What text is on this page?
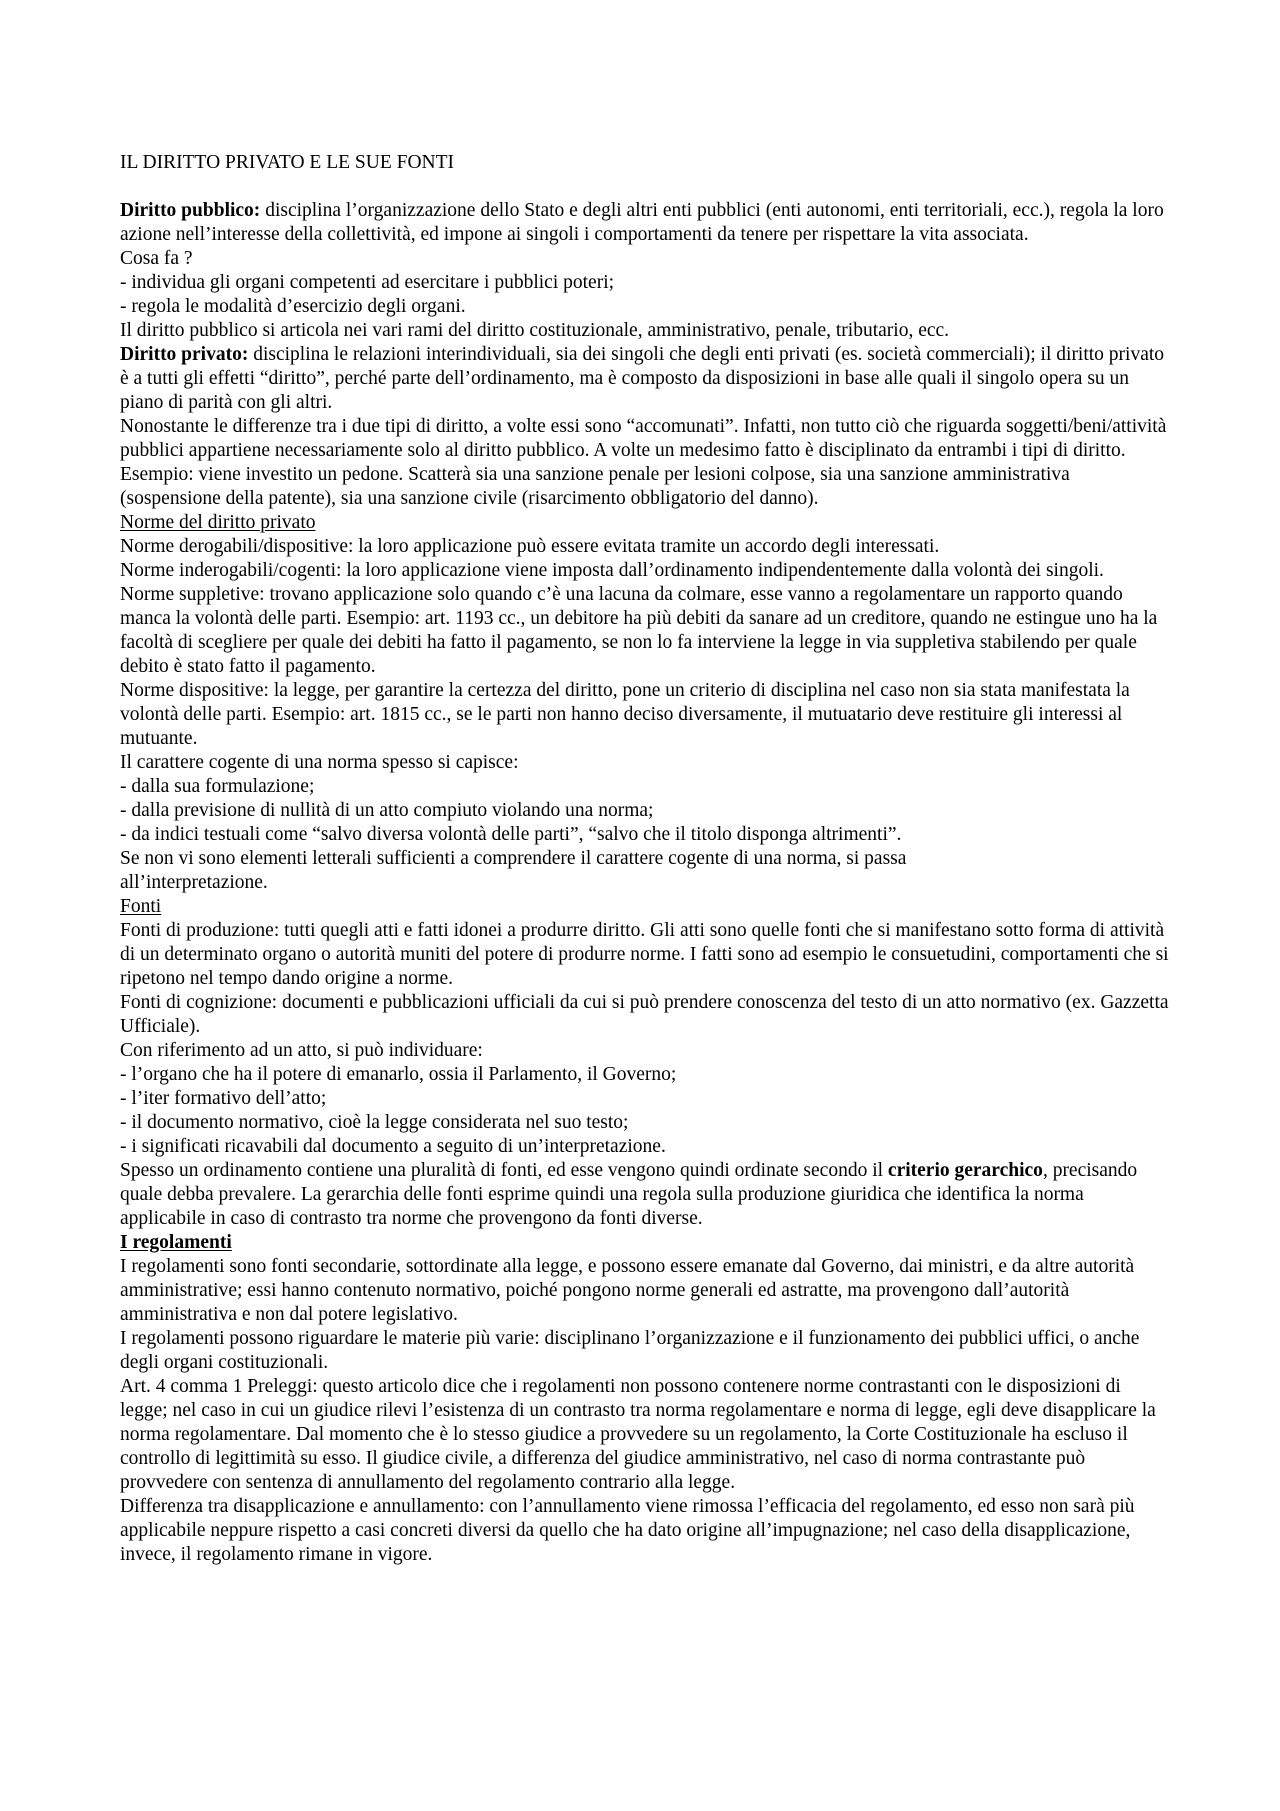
IL DIRITTO PRIVATO E LE SUE FONTI

Diritto pubblico: disciplina l’organizzazione dello Stato e degli altri enti pubblici (enti autonomi, enti territoriali, ecc.), regola la loro azione nell’interesse della collettività, ed impone ai singoli i comportamenti da tenere per rispettare la vita associata.

Cosa fa ?

- individua gli organi competenti ad esercitare i pubblici poteri;

- regola le modalità d’esercizio degli organi.

Il diritto pubblico si articola nei vari rami del diritto costituzionale, amministrativo, penale, tributario, ecc.

Diritto privato: disciplina le relazioni interindividuali, sia dei singoli che degli enti privati (es. società commerciali); il diritto privato è a tutti gli effetti “diritto”, perché parte dell’ordinamento, ma è composto da disposizioni in base alle quali il singolo opera su un piano di parità con gli altri.

Nonostante le differenze tra i due tipi di diritto, a volte essi sono “accomunati”. Infatti, non tutto ciò che riguarda soggetti/beni/attività pubblici appartiene necessariamente solo al diritto pubblico. A volte un medesimo fatto è disciplinato da entrambi i tipi di diritto.

Esempio: viene investito un pedone. Scatterà sia una sanzione penale per lesioni colpose, sia una sanzione amministrativa (sospensione della patente), sia una sanzione civile (risarcimento obbligatorio del danno).

Norme del diritto privato

Norme derogabili/dispositive: la loro applicazione può essere evitata tramite un accordo degli interessati.

Norme inderogabili/cogenti: la loro applicazione viene imposta dall’ordinamento indipendentemente dalla volontà dei singoli.

Norme suppletive: trovano applicazione solo quando c’è una lacuna da colmare, esse vanno a regolamentare un rapporto quando manca la volontà delle parti. Esempio: art. 1193 cc., un debitore ha più debiti da sanare ad un creditore, quando ne estingue uno ha la facoltà di scegliere per quale dei debiti ha fatto il pagamento, se non lo fa interviene la legge in via suppletiva stabilendo per quale debito è stato fatto il pagamento.

Norme dispositive: la legge, per garantire la certezza del diritto, pone un criterio di disciplina nel caso non sia stata manifestata la volontà delle parti. Esempio: art. 1815 cc., se le parti non hanno deciso diversamente, il mutuatario deve restituire gli interessi al mutuante.

Il carattere cogente di una norma spesso si capisce:

- dalla sua formulazione;

- dalla previsione di nullità di un atto compiuto violando una norma;

- da indici testuali come “salvo diversa volontà delle parti”, “salvo che il titolo disponga altrimenti”.

Se non vi sono elementi letterali sufficienti a comprendere il carattere cogente di una norma, si passa

all’interpretazione.

Fonti

Fonti di produzione: tutti quegli atti e fatti idonei a produrre diritto. Gli atti sono quelle fonti che si manifestano sotto forma di attività di un determinato organo o autorità muniti del potere di produrre norme. I fatti sono ad esempio le consuetudini, comportamenti che si ripetono nel tempo dando origine a norme.

Fonti di cognizione: documenti e pubblicazioni ufficiali da cui si può prendere conoscenza del testo di un atto normativo (ex. Gazzetta Ufficiale).

Con riferimento ad un atto, si può individuare:

- l’organo che ha il potere di emanarlo, ossia il Parlamento, il Governo;

- l’iter formativo dell’atto;

- il documento normativo, cioè la legge considerata nel suo testo;

- i significati ricavabili dal documento a seguito di un’interpretazione.

Spesso un ordinamento contiene una pluralità di fonti, ed esse vengono quindi ordinate secondo il criterio gerarchico, precisando quale debba prevalere. La gerarchia delle fonti esprime quindi una regola sulla produzione giuridica che identifica la norma applicabile in caso di contrasto tra norme che provengono da fonti diverse.

I regolamenti

I regolamenti sono fonti secondarie, sottordinate alla legge, e possono essere emanate dal Governo, dai ministri, e da altre autorità amministrative; essi hanno contenuto normativo, poiché pongono norme generali ed astratte, ma provengono dall’autorità amministrativa e non dal potere legislativo.

I regolamenti possono riguardare le materie più varie: disciplinano l’organizzazione e il funzionamento dei pubblici uffici, o anche degli organi costituzionali.

Art. 4 comma 1 Preleggi: questo articolo dice che i regolamenti non possono contenere norme contrastanti con le disposizioni di legge; nel caso in cui un giudice rilevi l’esistenza di un contrasto tra norma regolamentare e norma di legge, egli deve disapplicare la norma regolamentare. Dal momento che è lo stesso giudice a provvedere su un regolamento, la Corte Costituzionale ha escluso il controllo di legittimità su esso. Il giudice civile, a differenza del giudice amministrativo, nel caso di norma contrastante può provvedere con sentenza di annullamento del regolamento contrario alla legge.

Differenza tra disapplicazione e annullamento: con l’annullamento viene rimossa l’efficacia del regolamento, ed esso non sarà più applicabile neppure rispetto a casi concreti diversi da quello che ha dato origine all’impugnazione; nel caso della disapplicazione, invece, il regolamento rimane in vigore.
